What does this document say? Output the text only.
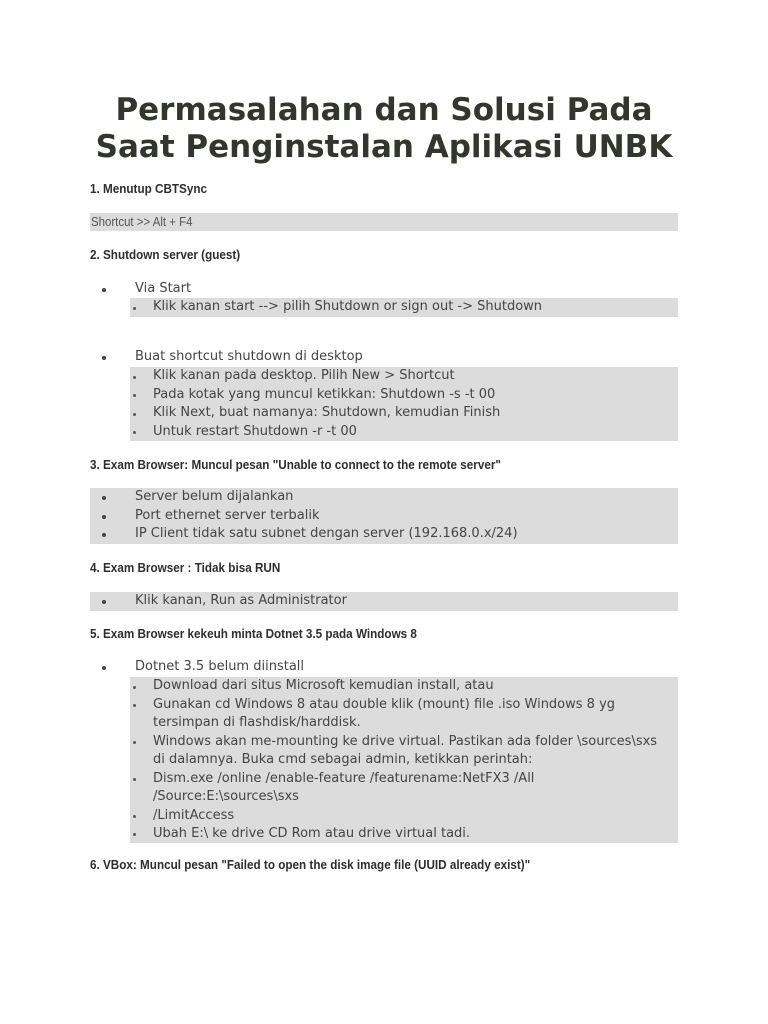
Permasalahan dan Solusi Pada
Saat Penginstalan Aplikasi UNBK
1. Menutup CBTSync
Shortcut >> Alt + F4
2. Shutdown server (guest)
Via Start
Klik kanan start --> pilih Shutdown or sign out -> Shutdown
Buat shortcut shutdown di desktop
Klik kanan pada desktop. Pilih New > Shortcut
Pada kotak yang muncul ketikkan: Shutdown -s -t 00
Klik Next, buat namanya: Shutdown, kemudian Finish
Untuk restart Shutdown -r -t 00
3. Exam Browser: Muncul pesan "Unable to connect to the remote server"
Server belum dijalankan
Port ethernet server terbalik
IP Client tidak satu subnet dengan server (192.168.0.x/24)
4. Exam Browser : Tidak bisa RUN
Klik kanan, Run as Administrator
5. Exam Browser kekeuh minta Dotnet 3.5 pada Windows 8
Dotnet 3.5 belum diinstall
Download dari situs Microsoft kemudian install, atau
Gunakan cd Windows 8 atau double klik (mount) file .iso Windows 8 yg
tersimpan di flashdisk/harddisk.
Windows akan me-mounting ke drive virtual. Pastikan ada folder \sources\sxs
di dalamnya. Buka cmd sebagai admin, ketikkan perintah:
Dism.exe /online /enable-feature /featurename:NetFX3 /All
/Source:E:\sources\sxs
/LimitAccess
Ubah E:\ ke drive CD Rom atau drive virtual tadi.
6. VBox: Muncul pesan "Failed to open the disk image file (UUID already exist)"
